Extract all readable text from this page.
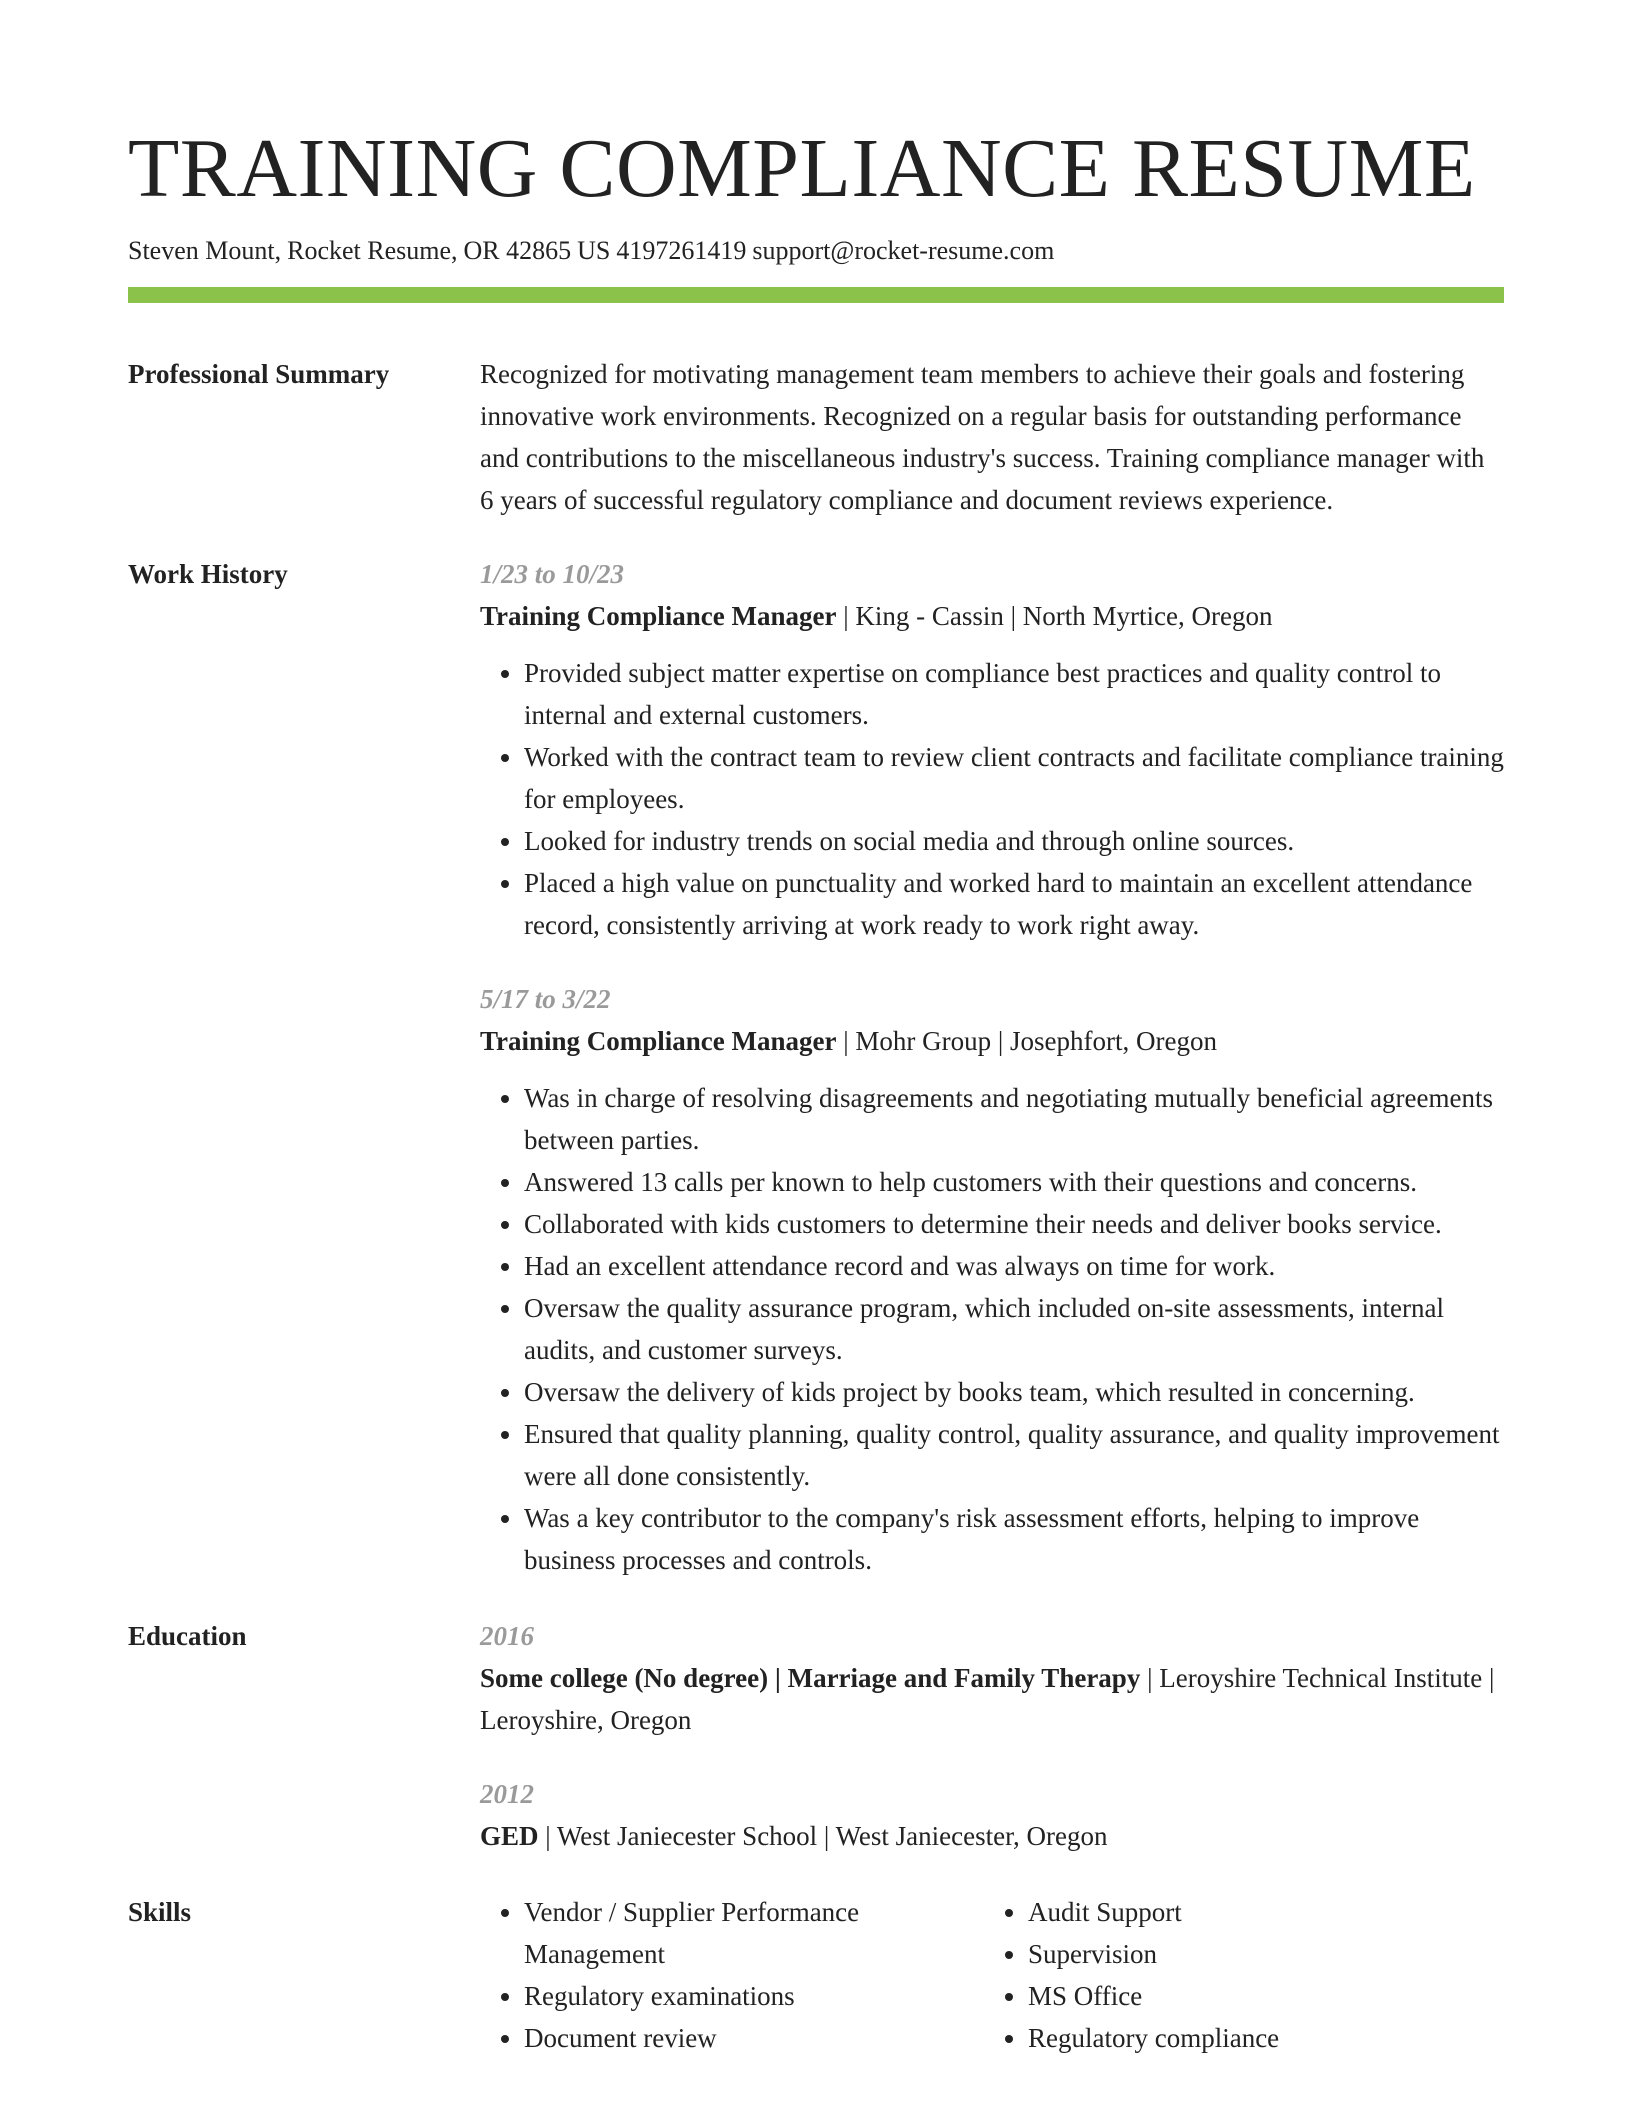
TRAINING COMPLIANCE RESUME
Steven Mount, Rocket Resume, OR 42865 US 4197261419 support@rocket-resume.com
Professional Summary	Recognized for motivating management team members to achieve their goals and fostering innovative work environments. Recognized on a regular basis for outstanding performance and contributions to the miscellaneous industry's success. Training compliance manager with 6 years of successful regulatory compliance and document reviews experience.
Work History	1/23 to 10/23
Training Compliance Manager | King - Cassin | North Myrtice, Oregon
• Provided subject matter expertise on compliance best practices and quality control to internal and external customers.
• Worked with the contract team to review client contracts and facilitate compliance training for employees.
• Looked for industry trends on social media and through online sources.
• Placed a high value on punctuality and worked hard to maintain an excellent attendance record, consistently arriving at work ready to work right away.
5/17 to 3/22
Training Compliance Manager | Mohr Group | Josephfort, Oregon
• Was in charge of resolving disagreements and negotiating mutually beneficial agreements between parties.
• Answered 13 calls per known to help customers with their questions and concerns.
• Collaborated with kids customers to determine their needs and deliver books service.
• Had an excellent attendance record and was always on time for work.
• Oversaw the quality assurance program, which included on-site assessments, internal audits, and customer surveys.
• Oversaw the delivery of kids project by books team, which resulted in concerning.
• Ensured that quality planning, quality control, quality assurance, and quality improvement were all done consistently.
• Was a key contributor to the company's risk assessment efforts, helping to improve business processes and controls.
Education	2016
Some college (No degree) | Marriage and Family Therapy | Leroyshire Technical Institute | Leroyshire, Oregon
2012
GED | West Janiecester School | West Janiecester, Oregon
Skills
•	Vendor / Supplier Performance Management
• Regulatory examinations
• Document review
• Audit Support
• Supervision
• MS Office
• Regulatory compliance
